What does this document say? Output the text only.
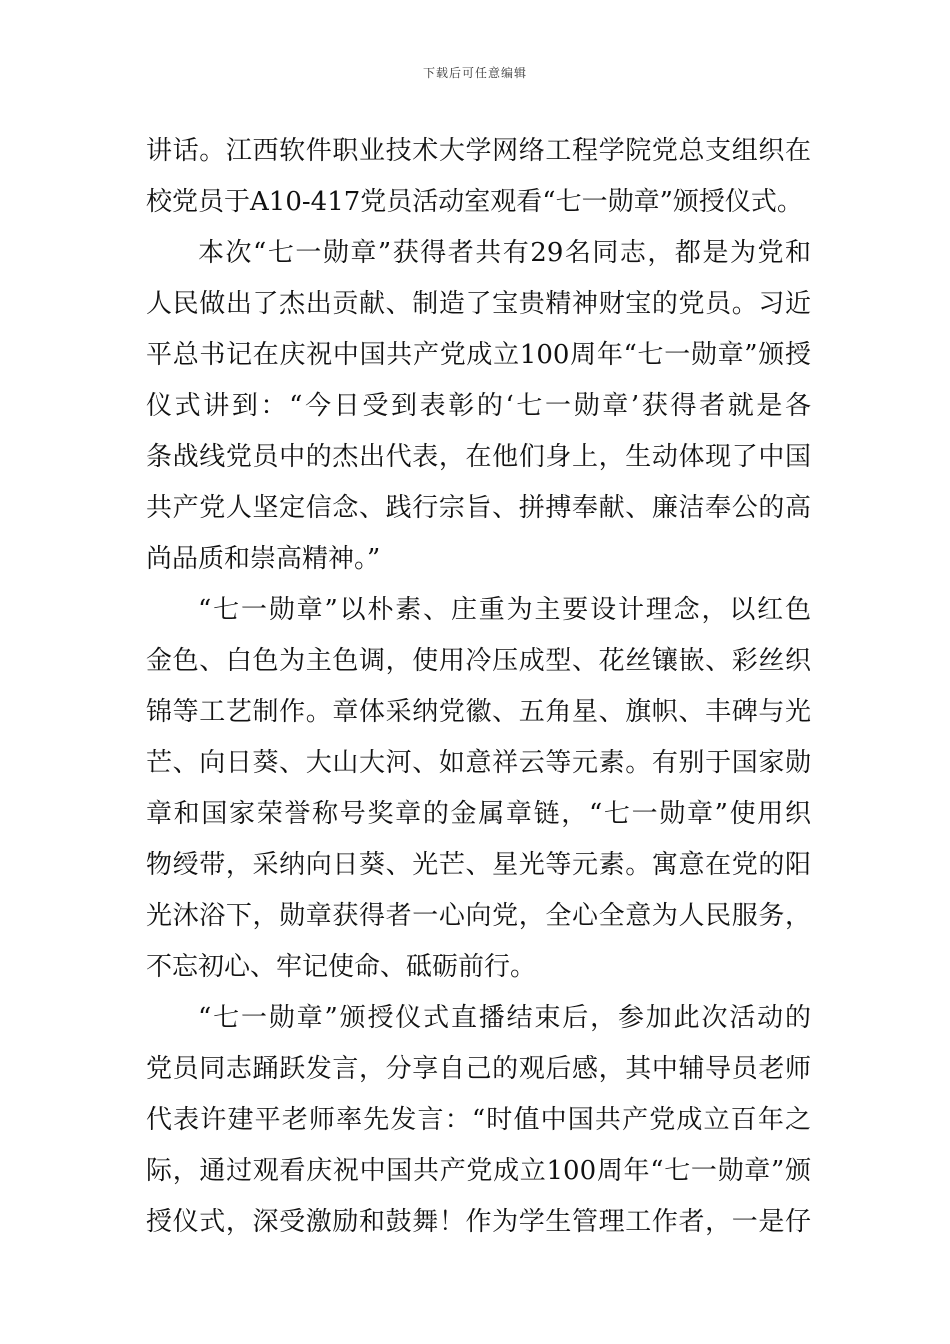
下载后可任意编辑
讲话。江西软件职业技术大学网络工程学院党总支组织在
校党员于A10-417党员活动室观看“七一勋章”颁授仪式。
本次“七一勋章”获得者共有29名同志，都是为党和
人民做出了杰出贡献、制造了宝贵精神财宝的党员。习近
平总书记在庆祝中国共产党成立100周年“七一勋章”颁授
仪式讲到：“今日受到表彰的‘七一勋章’获得者就是各
条战线党员中的杰出代表，在他们身上，生动体现了中国
共产党人坚定信念、践行宗旨、拼搏奉献、廉洁奉公的高
尚品质和崇高精神。”
“七一勋章”以朴素、庄重为主要设计理念，以红色
金色、白色为主色调，使用冷压成型、花丝镶嵌、彩丝织
锦等工艺制作。章体采纳党徽、五角星、旗帜、丰碑与光
芒、向日葵、大山大河、如意祥云等元素。有别于国家勋
章和国家荣誉称号奖章的金属章链，“七一勋章”使用织
物绶带，采纳向日葵、光芒、星光等元素。寓意在党的阳
光沐浴下，勋章获得者一心向党，全心全意为人民服务，
不忘初心、牢记使命、砥砺前行。
“七一勋章”颁授仪式直播结束后，参加此次活动的
党员同志踊跃发言，分享自己的观后感，其中辅导员老师
代表许建平老师率先发言：“时值中国共产党成立百年之
际，通过观看庆祝中国共产党成立100周年“七一勋章”颁
授仪式，深受激励和鼓舞！作为学生管理工作者，一是仔
